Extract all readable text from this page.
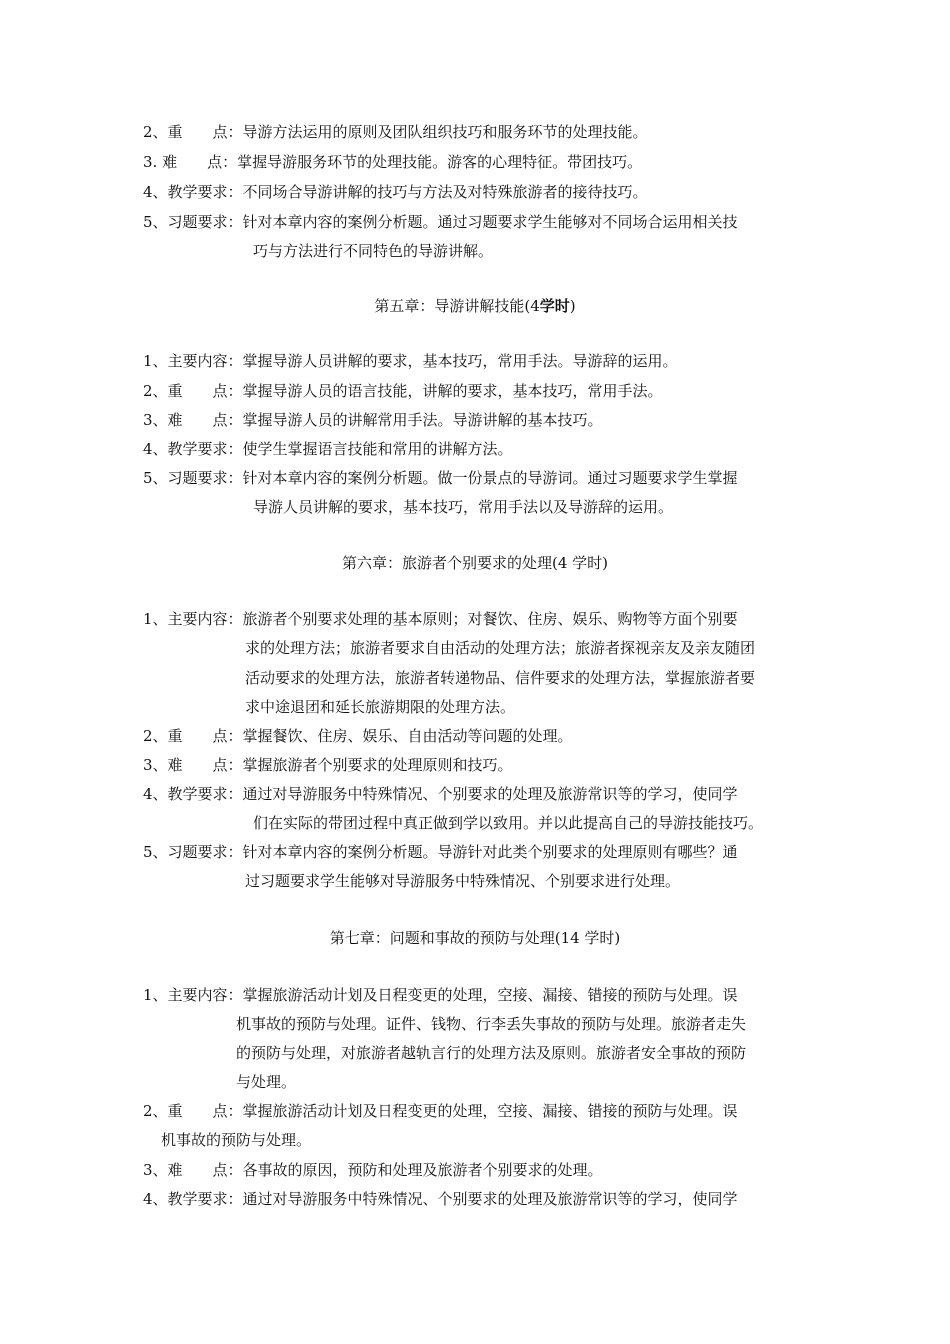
2、重　　点：导游方法运用的原则及团队组织技巧和服务环节的处理技能。
3. 难　　点：掌握导游服务环节的处理技能。游客的心理特征。带团技巧。
4、教学要求：不同场合导游讲解的技巧与方法及对特殊旅游者的接待技巧。
5、习题要求：针对本章内容的案例分析题。通过习题要求学生能够对不同场合运用相关技
巧与方法进行不同特色的导游讲解。
第五章：导游讲解技能(4学时)
1、主要内容：掌握导游人员讲解的要求，基本技巧，常用手法。导游辞的运用。
2、重　　点：掌握导游人员的语言技能，讲解的要求，基本技巧，常用手法。
3、难　　点：掌握导游人员的讲解常用手法。导游讲解的基本技巧。
4、教学要求：使学生掌握语言技能和常用的讲解方法。
5、习题要求：针对本章内容的案例分析题。做一份景点的导游词。通过习题要求学生掌握
导游人员讲解的要求，基本技巧，常用手法以及导游辞的运用。
第六章：旅游者个别要求的处理(4 学时)
1、主要内容：旅游者个别要求处理的基本原则；对餐饮、住房、娱乐、购物等方面个别要
求的处理方法；旅游者要求自由活动的处理方法；旅游者探视亲友及亲友随团
活动要求的处理方法，旅游者转递物品、信件要求的处理方法，掌握旅游者要
求中途退团和延长旅游期限的处理方法。
2、重　　点：掌握餐饮、住房、娱乐、自由活动等问题的处理。
3、难　　点：掌握旅游者个别要求的处理原则和技巧。
4、教学要求：通过对导游服务中特殊情况、个别要求的处理及旅游常识等的学习，使同学
们在实际的带团过程中真正做到学以致用。并以此提高自己的导游技能技巧。
5、习题要求：针对本章内容的案例分析题。导游针对此类个别要求的处理原则有哪些？通
过习题要求学生能够对导游服务中特殊情况、个别要求进行处理。
第七章：问题和事故的预防与处理(14 学时)
1、主要内容：掌握旅游活动计划及日程变更的处理，空接、漏接、错接的预防与处理。误
机事故的预防与处理。证件、钱物、行李丢失事故的预防与处理。旅游者走失
的预防与处理，对旅游者越轨言行的处理方法及原则。旅游者安全事故的预防
与处理。
2、重　　点：掌握旅游活动计划及日程变更的处理，空接、漏接、错接的预防与处理。误
机事故的预防与处理。
3、难　　点：各事故的原因，预防和处理及旅游者个别要求的处理。
4、教学要求：通过对导游服务中特殊情况、个别要求的处理及旅游常识等的学习，使同学
